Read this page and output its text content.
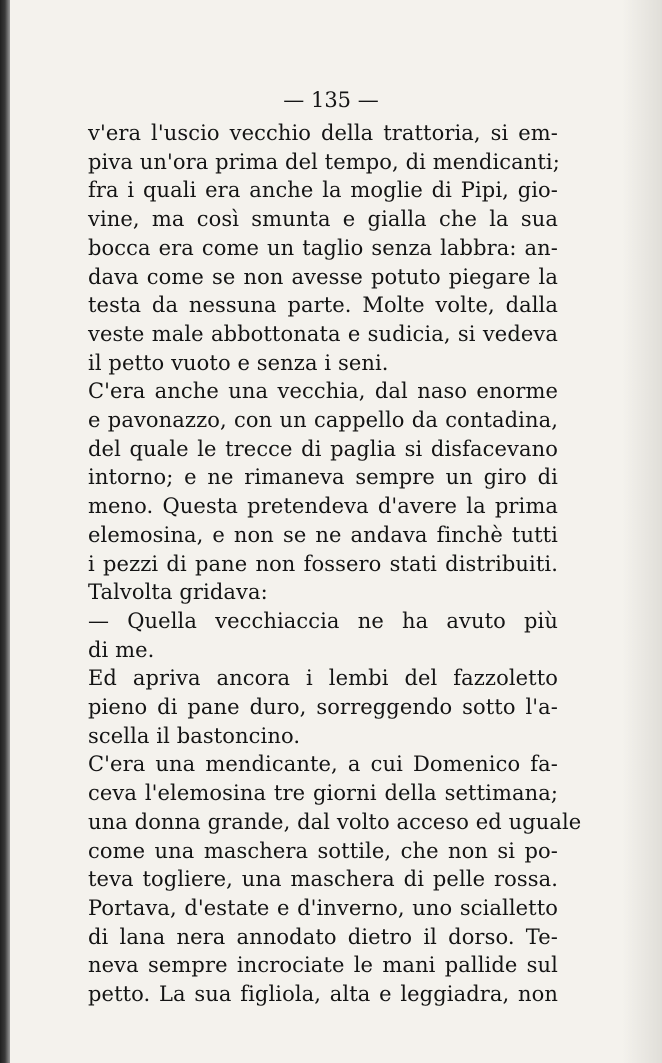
— 135 —

v'era l'uscio vecchio della trattoria, si em-
piva un'ora prima del tempo, di mendicanti;
fra i quali era anche la moglie di Pipi, gio-
vine, ma così smunta e gialla che la sua
bocca era come un taglio senza labbra: an-
dava come se non avesse potuto piegare la
testa da nessuna parte. Molte volte, dalla
veste male abbottonata e sudicia, si vedeva
il petto vuoto e senza i seni.

C'era anche una vecchia, dal naso enorme
e pavonazzo, con un cappello da contadina,
del quale le trecce di paglia si disfacevano
intorno; e ne rimaneva sempre un giro di
meno. Questa pretendeva d'avere la prima
elemosina, e non se ne andava finchè tutti
i pezzi di pane non fossero stati distribuiti.
Talvolta gridava:

— Quella vecchiaccia ne ha avuto più
di me.

Ed apriva ancora i lembi del fazzoletto
pieno di pane duro, sorreggendo sotto l'a-
scella il bastoncino.

C'era una mendicante, a cui Domenico fa-
ceva l'elemosina tre giorni della settimana;
una donna grande, dal volto acceso ed uguale
come una maschera sottile, che non si po-
teva togliere, una maschera di pelle rossa.
Portava, d'estate e d'inverno, uno scialletto
di lana nera annodato dietro il dorso. Te-
neva sempre incrociate le mani pallide sul
petto. La sua figliola, alta e leggiadra, non
